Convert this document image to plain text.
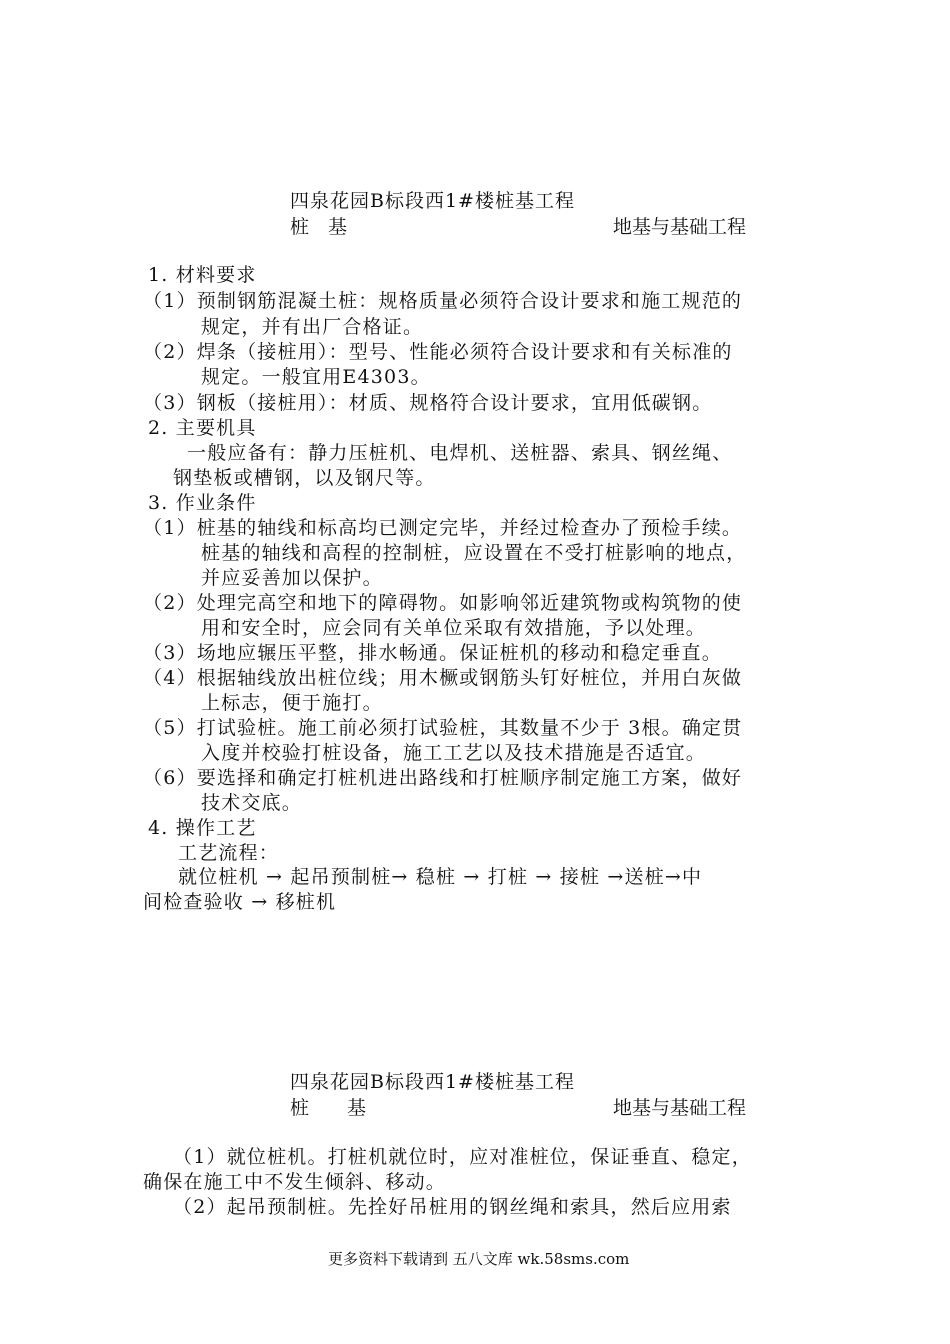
四泉花园B标段西1#楼桩基工程
桩　基	地基与基础工程
1. 材料要求
（1）预制钢筋混凝土桩：规格质量必须符合设计要求和施工规范的
规定，并有出厂合格证。
（2）焊条（接桩用）：型号、性能必须符合设计要求和有关标准的
规定。一般宜用E4303。
（3）钢板（接桩用）：材质、规格符合设计要求，宜用低碳钢。
2. 主要机具
一般应备有：静力压桩机、电焊机、送桩器、索具、钢丝绳、
钢垫板或槽钢，以及钢尺等。
3. 作业条件
（1）桩基的轴线和标高均已测定完毕，并经过检查办了预检手续。
桩基的轴线和高程的控制桩，应设置在不受打桩影响的地点，
并应妥善加以保护。
（2）处理完高空和地下的障碍物。如影响邻近建筑物或构筑物的使
用和安全时，应会同有关单位采取有效措施，予以处理。
（3）场地应辗压平整，排水畅通。保证桩机的移动和稳定垂直。
（4）根据轴线放出桩位线；用木橛或钢筋头钉好桩位，并用白灰做
上标志，便于施打。
（5）打试验桩。施工前必须打试验桩，其数量不少于 3根。确定贯
入度并校验打桩设备，施工工艺以及技术措施是否适宜。
（6）要选择和确定打桩机进出路线和打桩顺序制定施工方案，做好
技术交底。
4. 操作工艺
工艺流程：
就位桩机 → 起吊预制桩→ 稳桩 → 打桩 → 接桩 →送桩→中
间检查验收 → 移桩机
四泉花园B标段西1#楼桩基工程
桩　　基	地基与基础工程
（1）就位桩机。打桩机就位时，应对准桩位，保证垂直、稳定，
确保在施工中不发生倾斜、移动。
（2）起吊预制桩。先拴好吊桩用的钢丝绳和索具，然后应用索
更多资料下载请到 五八文库 wk.58sms.com
